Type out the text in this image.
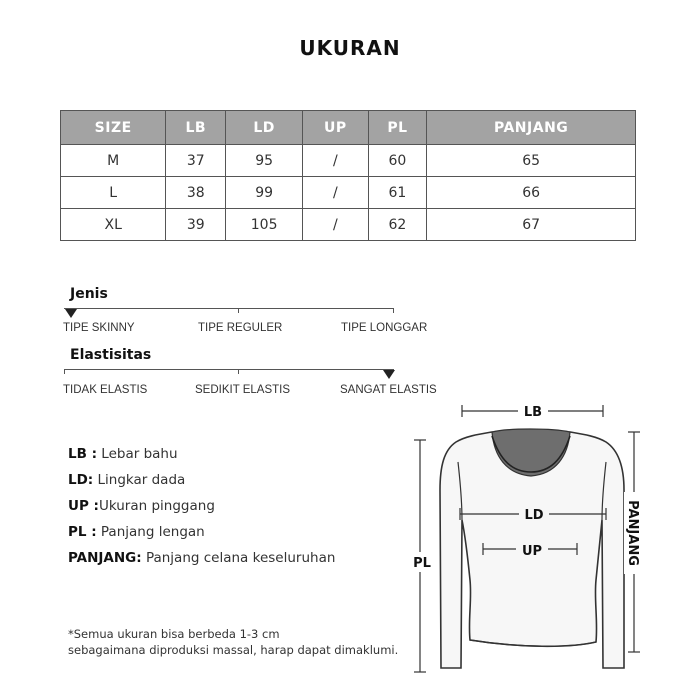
UKURAN
SIZE	LB	LD	UP	PL	PANJANG
M	37	95	/	60	65
L	38	99	/	61	66
XL	39	105	/	62	67
Jenis
TIPE SKINNY	TIPE REGULER	TIPE LONGGAR
Elastisitas
TIDAK ELASTIS	SEDIKIT ELASTIS	SANGAT ELASTIS
LB : Lebar bahu
LD: Lingkar dada
UP :Ukuran pinggang
PL : Panjang lengan
PANJANG: Panjang celana keseluruhan
*Semua ukuran bisa berbeda 1-3 cm
sebagaimana diproduksi massal, harap dapat dimaklumi.
LB
LD
UP
PL	PANJANG
